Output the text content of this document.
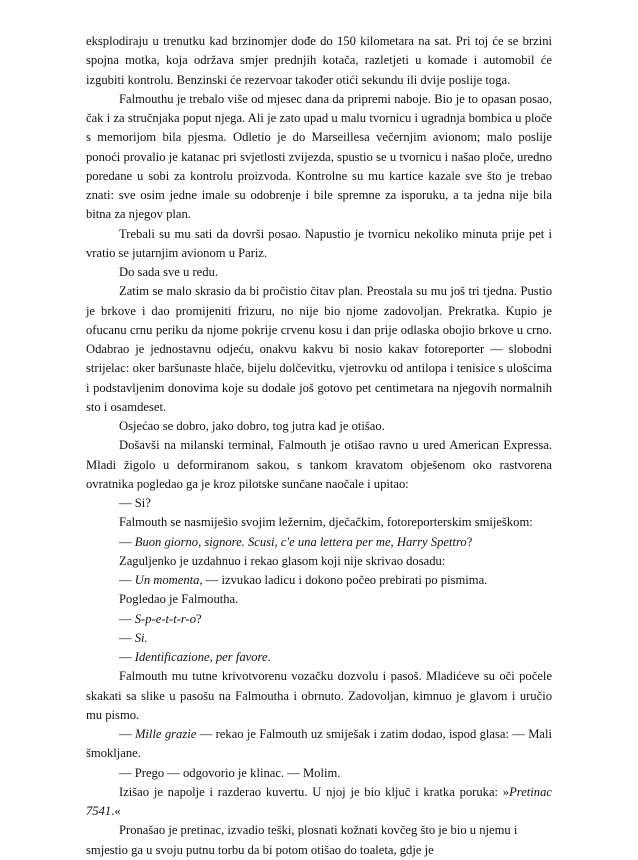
eksplodiraju u trenutku kad brzinomjer dođe do 150 kilometara na sat. Pri toj će se brzini spojna motka, koja održava smjer prednjih kotača, razletjeti u komade i automobil će izgubiti kontrolu. Benzinski će rezervoar također otići sekundu ili dvije poslije toga.

Falmouthu je trebalo više od mjesec dana da pripremi naboje. Bio je to opasan posao, čak i za stručnjaka poput njega. Ali je zato upad u malu tvornicu i ugradnja bombica u ploče s memorijom bila pjesma. Odletio je do Marseillesa večernjim avionom; malo poslije ponoći provalio je katanac pri svjetlosti zvijezda, spustio se u tvornicu i našao ploče, uredno poredane u sobi za kontrolu proizvoda. Kontrolne su mu kartice kazale sve što je trebao znati: sve osim jedne imale su odobrenje i bile spremne za isporuku, a ta jedna nije bila bitna za njegov plan.

Trebali su mu sati da dovrši posao. Napustio je tvornicu nekoliko minuta prije pet i vratio se jutarnjim avionom u Pariz.

Do sada sve u redu.

Zatim se malo skrasio da bi pročistio čitav plan. Preostala su mu još tri tjedna. Pustio je brkove i dao promijeniti frizuru, no nije bio njome zadovoljan. Prekratka. Kupio je ofucanu crnu periku da njome pokrije crvenu kosu i dan prije odlaska obojio brkove u crno. Odabrao je jednostavnu odjeću, onakvu kakvu bi nosio kakav fotoreporter — slobodni strijelac: oker baršunaste hlače, bijelu dolčevitku, vjetrovku od antilopa i tenisice s ulošcima i podstavljenim donovima koje su dodale još gotovo pet centimetara na njegovih normalnih sto i osamdeset.

Osjećao se dobro, jako dobro, tog jutra kad je otišao.

Došavši na milanski terminal, Falmouth je otišao ravno u ured American Expressa. Mladi žigolo u deformiranom sakou, s tankom kravatom obješenom oko rastvorena ovratnika pogledao ga je kroz pilotske sunčane naočale i upitao:

— Si?

Falmouth se nasmiješio svojim ležernim, dječačkim, fotoreporterskim smiješkom:

— Buon giorno, signore. Scusi, c'e una lettera per me, Harry Spettro?

Zaguljenko je uzdahnuo i rekao glasom koji nije skrivao dosadu:

— Un momenta, — izvukao ladicu i dokono počeo prebirati po pismima.

Pogledao je Falmoutha.

— S-p-e-t-t-r-o?

— Si.

— Identificazione, per favore.

Falmouth mu tutne krivotvorenu vozačku dozvolu i pasoš. Mladićeve su oči počele skakati sa slike u pasošu na Falmoutha i obrnuto. Zadovoljan, kimnuo je glavom i uručio mu pismo.

— Mille grazie — rekao je Falmouth uz smiješak i zatim dodao, ispod glasa: — Mali šmokljane.

— Prego — odgovorio je klinac. — Molim.

Izišao je napolje i razderao kuvertu. U njoj je bio ključ i kratka poruka: »Pretinac 7541.«

Pronašao je pretinac, izvadio teški, plosnati kožnati kovčeg što je bio u njemu i smjestio ga u svoju putnu torbu da bi potom otišao do toaleta, gdje je
